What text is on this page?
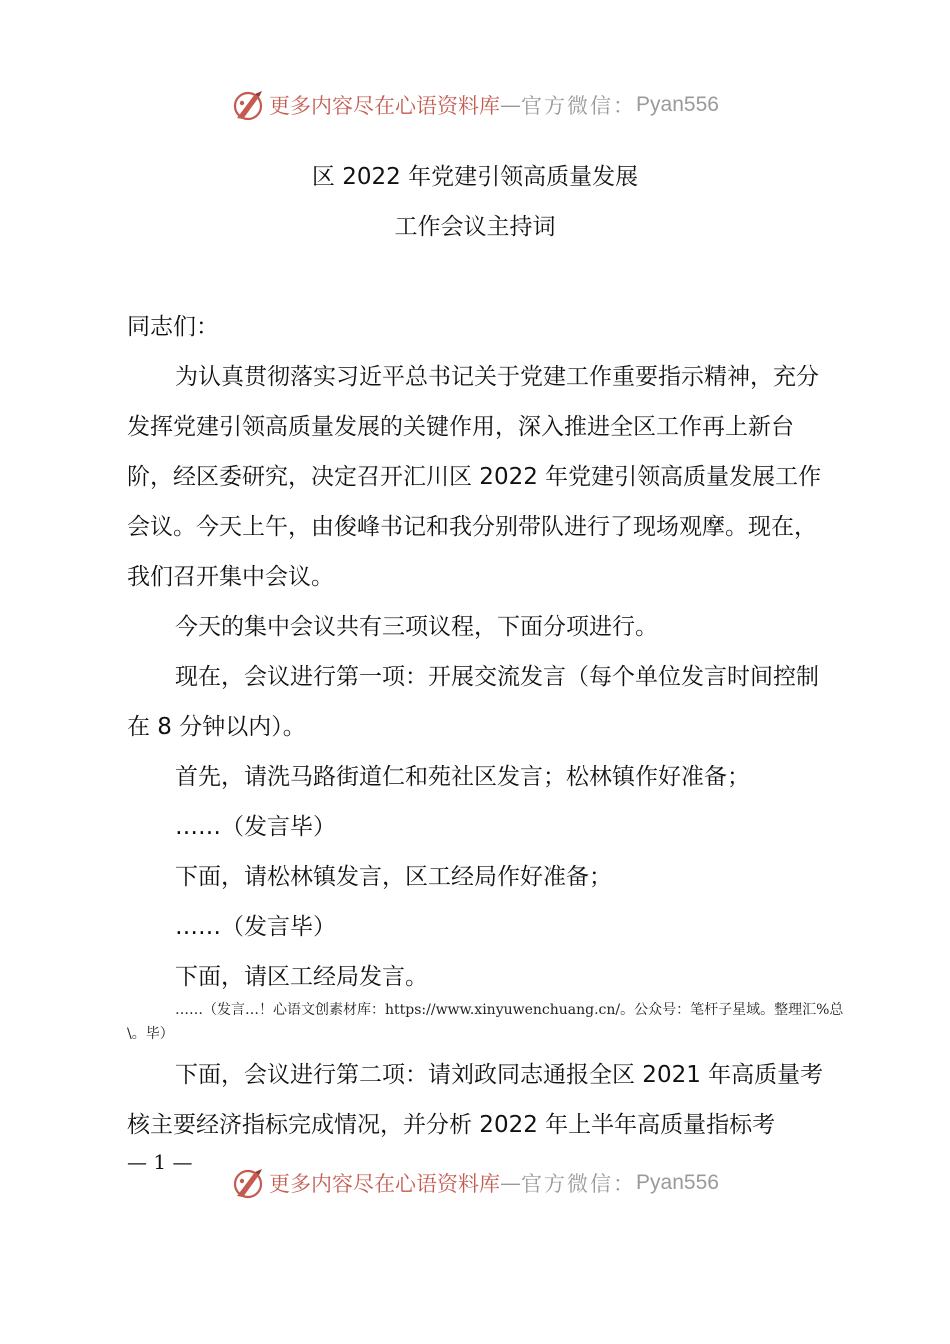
更多内容尽在心语资料库 — 官方微信： Pyan556
区 2022 年党建引领高质量发展
工作会议主持词

同志们：

为认真贯彻落实习近平总书记关于党建工作重要指示精神，充分发挥党建引领高质量发展的关键作用，深入推进全区工作再上新台阶，经区委研究，决定召开汇川区 2022 年党建引领高质量发展工作会议。今天上午，由俊峰书记和我分别带队进行了现场观摩。现在，我们召开集中会议。

今天的集中会议共有三项议程，下面分项进行。

现在，会议进行第一项：开展交流发言（每个单位发言时间控制在 8 分钟以内）。

首先，请洗马路街道仁和苑社区发言；松林镇作好准备；

……（发言毕）

下面，请松林镇发言，区工经局作好准备；

……（发言毕）

下面，请区工经局发言。

……（发言…！心语文创素材库：https://www.xinyuwenchuang.cn/。公众号：笔杆子星域。整理汇%总\。毕）

下面，会议进行第二项：请刘政同志通报全区 2021 年高质量考核主要经济指标完成情况，并分析 2022 年上半年高质量指标考

— 1 —
更多内容尽在心语资料库 — 官方微信： Pyan556
